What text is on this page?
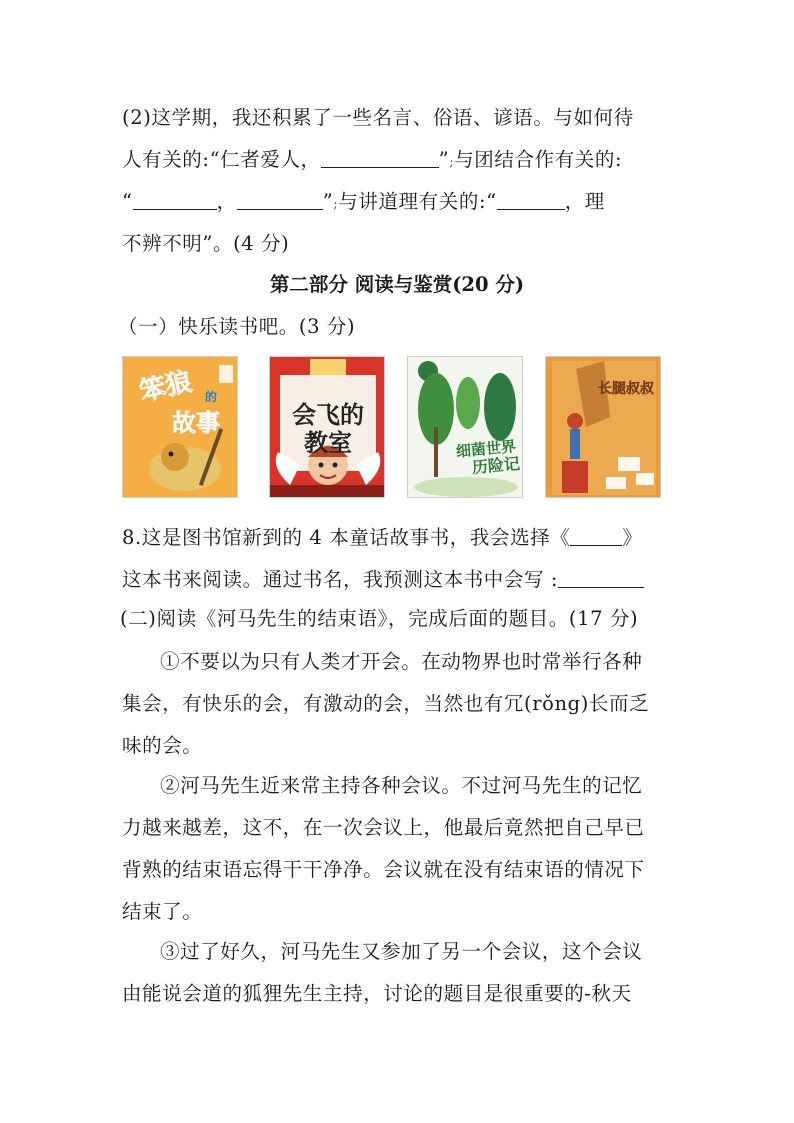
(2)这学期，我还积累了一些名言、俗语、谚语。与如何待
人有关的:“仁者爱人，	”;与团结合作有关的:
“	，	”;与讲道理有关的:“	，理
不辨不明”。(4 分)
第二部分 阅读与鉴赏(20 分)
（一）快乐读书吧。(3 分)
笨狼 的
故事	会飞的
教室	细菌世界
历险记
长腿叔叔
8.这是图书馆新到的 4 本童话故事书，我会选择《	》
这本书来阅读。通过书名，我预测这本书中会写 :
(二)阅读《河马先生的结束语》，完成后面的题目。(17 分)
①不要以为只有人类才开会。在动物界也时常举行各种
集会，有快乐的会，有激动的会，当然也有冗(rǒng)长而乏
味的会。
②河马先生近来常主持各种会议。不过河马先生的记忆
力越来越差，这不，在一次会议上，他最后竟然把自己早已
背熟的结束语忘得干干净净。会议就在没有结束语的情况下
结束了。
③过了好久，河马先生又参加了另一个会议，这个会议
由能说会道的狐狸先生主持，讨论的题目是很重要的-秋天
